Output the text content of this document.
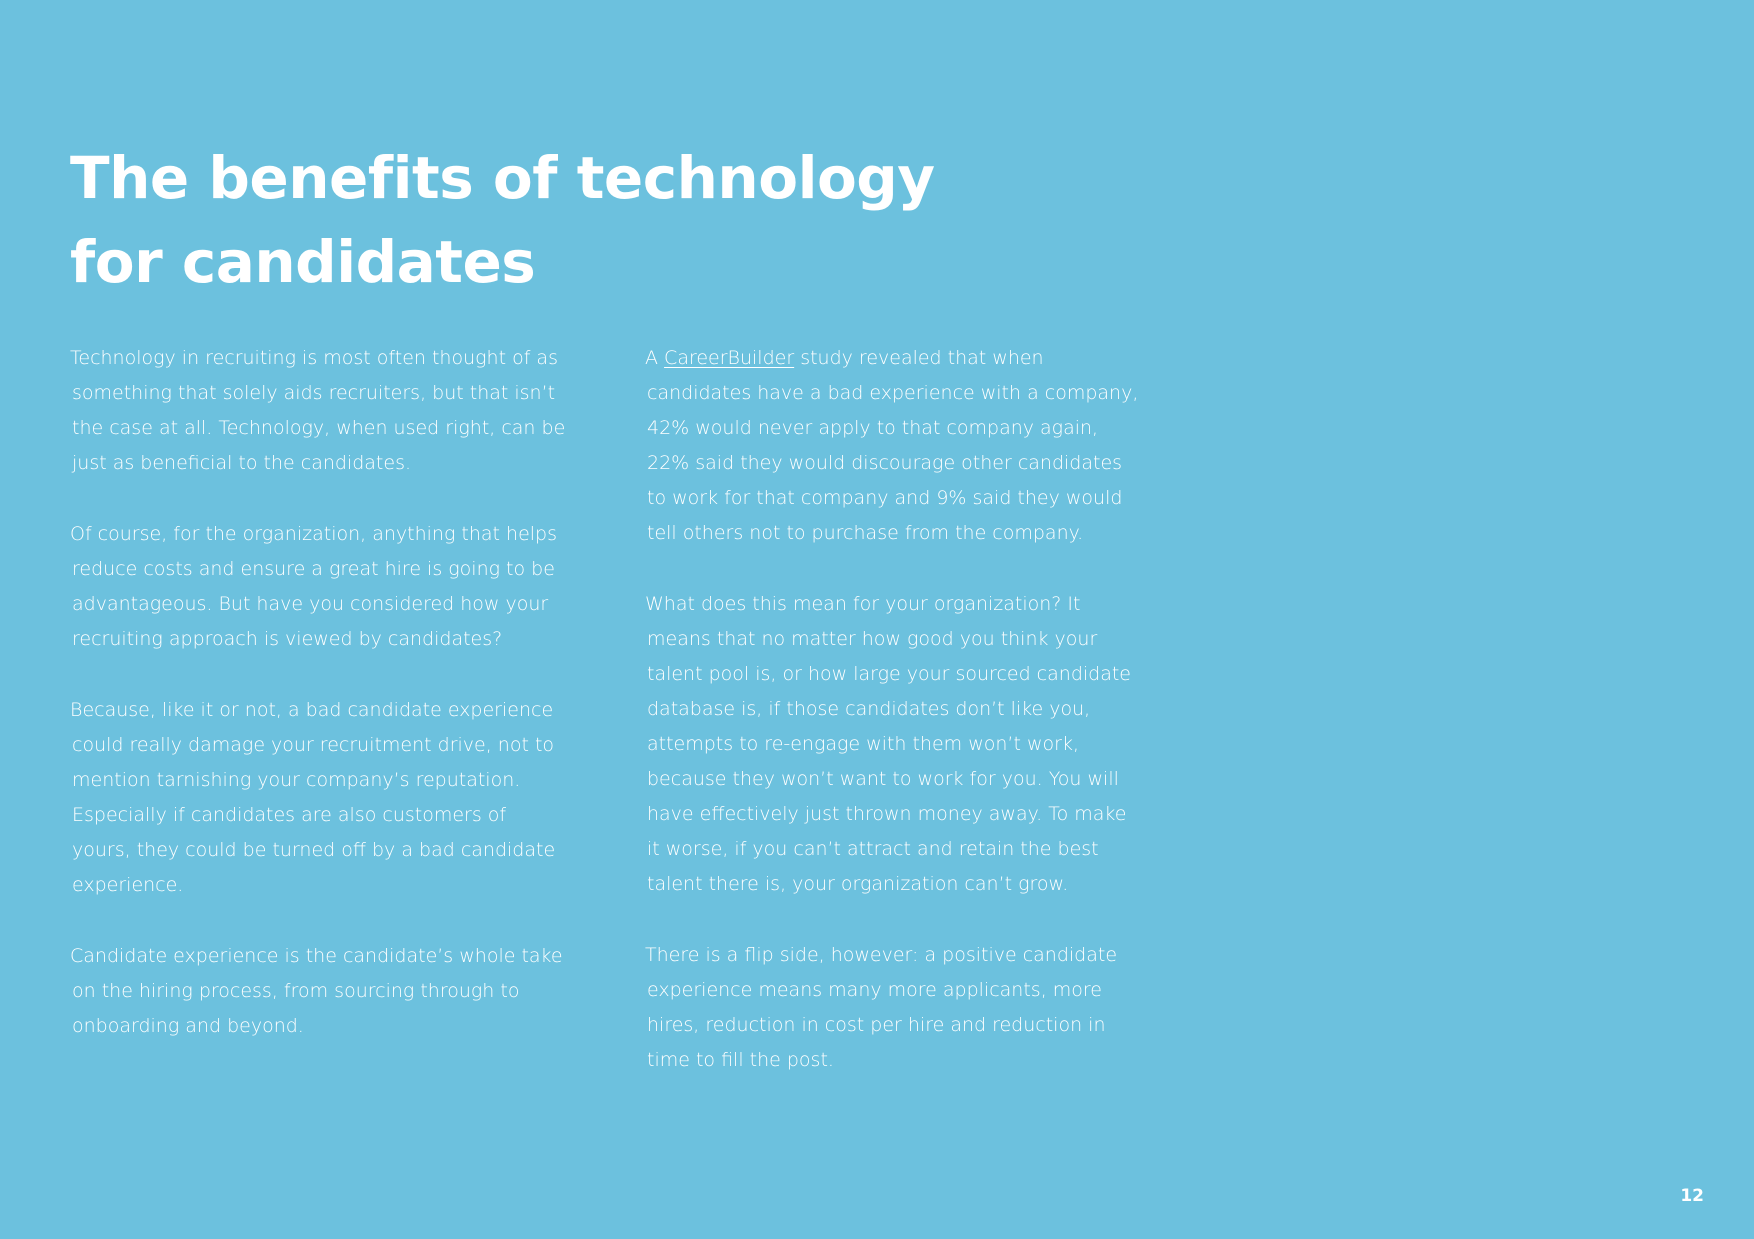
The benefits of technology
for candidates

Technology in recruiting is most often thought of as
something that solely aids recruiters, but that isn’t
the case at all. Technology, when used right, can be
just as beneficial to the candidates.

Of course, for the organization, anything that helps
reduce costs and ensure a great hire is going to be
advantageous. But have you considered how your
recruiting approach is viewed by candidates?

Because, like it or not, a bad candidate experience
could really damage your recruitment drive, not to
mention tarnishing your company’s reputation.
Especially if candidates are also customers of
yours, they could be turned off by a bad candidate
experience.

Candidate experience is the candidate’s whole take
on the hiring process, from sourcing through to
onboarding and beyond.

A CareerBuilder study revealed that when
candidates have a bad experience with a company,
42% would never apply to that company again,
22% said they would discourage other candidates
to work for that company and 9% said they would
tell others not to purchase from the company.

What does this mean for your organization? It
means that no matter how good you think your
talent pool is, or how large your sourced candidate
database is, if those candidates don’t like you,
attempts to re-engage with them won’t work,
because they won’t want to work for you. You will
have effectively just thrown money away. To make
it worse, if you can’t attract and retain the best
talent there is, your organization can’t grow.

There is a flip side, however: a positive candidate
experience means many more applicants, more
hires, reduction in cost per hire and reduction in
time to fill the post.

12
